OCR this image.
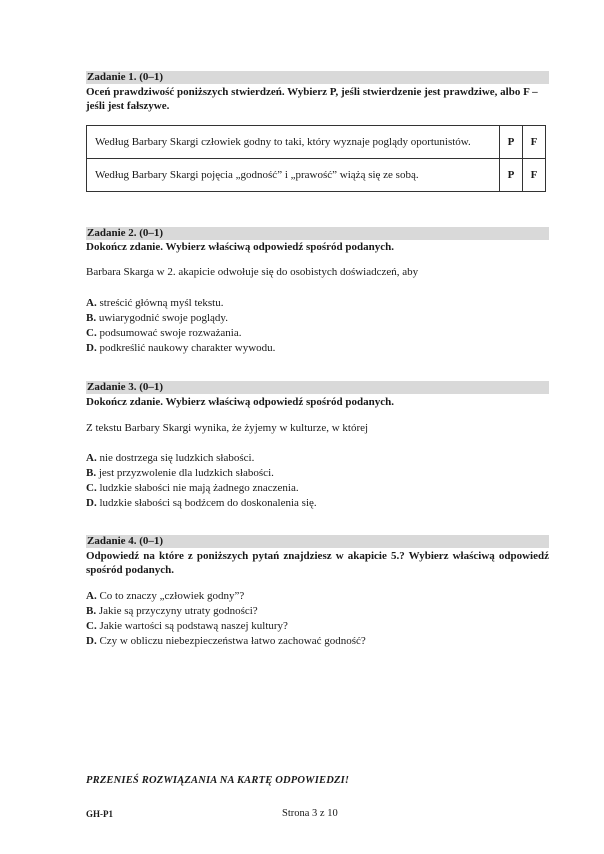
Zadanie 1. (0–1)
Oceń prawdziwość poniższych stwierdzeń. Wybierz P, jeśli stwierdzenie jest prawdziwe, albo F – jeśli jest fałszywe.
Według Barbary Skargi człowiek godny to taki, który wyznaje poglądy oportunistów.	P	F
Według Barbary Skargi pojęcia „godność” i „prawość” wiążą się ze sobą.	P	F
Zadanie 2. (0–1)
Dokończ zdanie. Wybierz właściwą odpowiedź spośród podanych.
Barbara Skarga w 2. akapicie odwołuje się do osobistych doświadczeń, aby
A. streścić główną myśl tekstu.
B. uwiarygodnić swoje poglądy.
C. podsumować swoje rozważania.
D. podkreślić naukowy charakter wywodu.
Zadanie 3. (0–1)
Dokończ zdanie. Wybierz właściwą odpowiedź spośród podanych.
Z tekstu Barbary Skargi wynika, że żyjemy w kulturze, w której
A. nie dostrzega się ludzkich słabości.
B. jest przyzwolenie dla ludzkich słabości.
C. ludzkie słabości nie mają żadnego znaczenia.
D. ludzkie słabości są bodźcem do doskonalenia się.
Zadanie 4. (0–1)
Odpowiedź na które z poniższych pytań znajdziesz w akapicie 5.? Wybierz właściwą odpowiedź spośród podanych.
A. Co to znaczy „człowiek godny”?
B. Jakie są przyczyny utraty godności?
C. Jakie wartości są podstawą naszej kultury?
D. Czy w obliczu niebezpieczeństwa łatwo zachować godność?
PRZENIEŚ ROZWIĄZANIA NA KARTĘ ODPOWIEDZI!
GH-P1	Strona 3 z 10
